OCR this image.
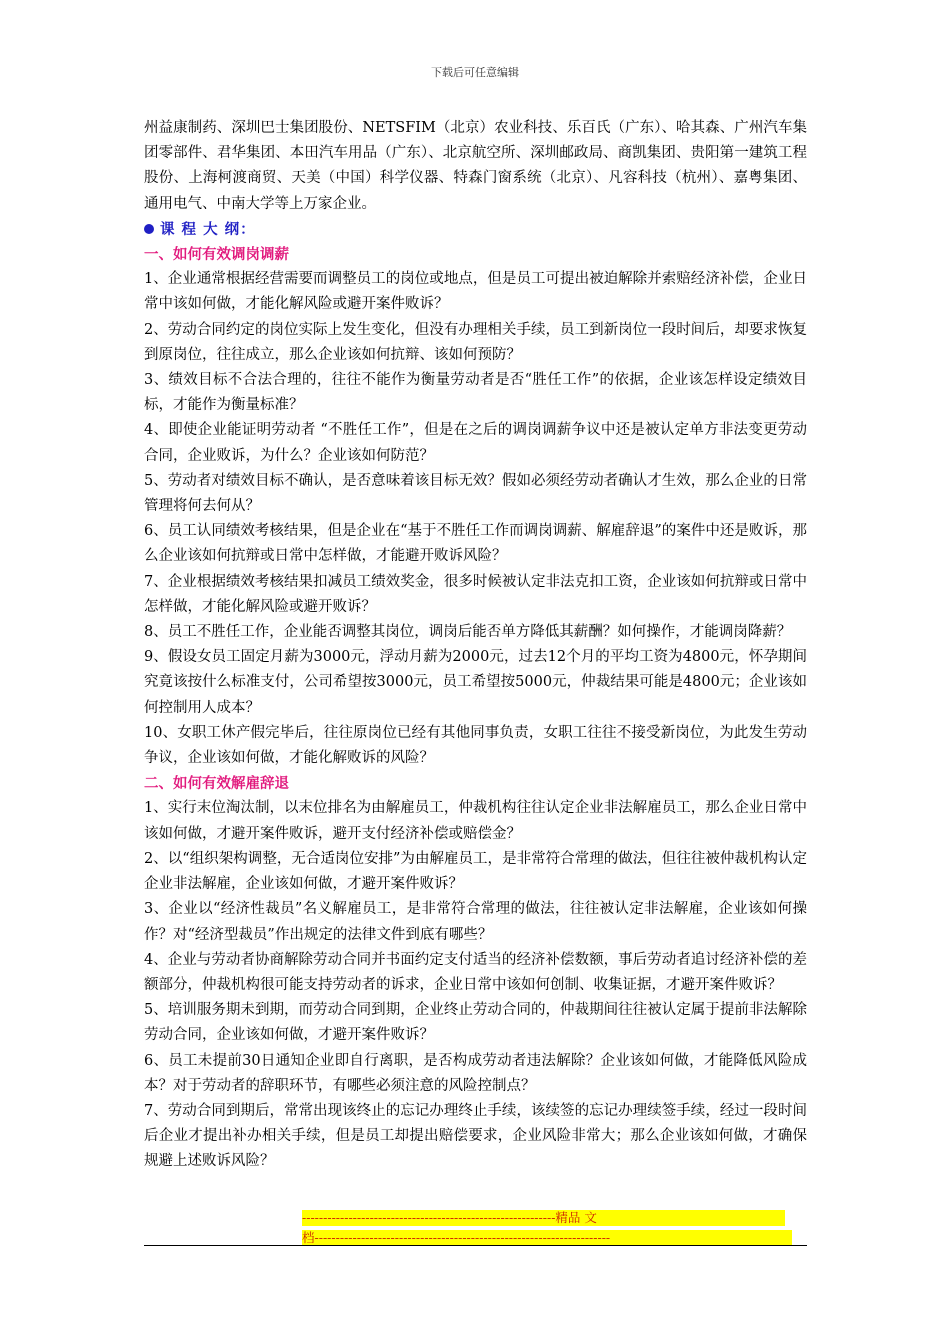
下载后可任意编辑

州益康制药、深圳巴士集团股份、NETSFIM（北京）农业科技、乐百氏（广东）、哈其森、广州汽车集团零部件、君华集团、本田汽车用品（广东）、北京航空所、深圳邮政局、商凯集团、贵阳第一建筑工程股份、上海柯渡商贸、天美（中国）科学仪器、特森门窗系统（北京）、凡容科技（杭州）、嘉粤集团、通用电气、中南大学等上万家企业。

课 程 大 纲：

一、如何有效调岗调薪

1、企业通常根据经营需要而调整员工的岗位或地点，但是员工可提出被迫解除并索赔经济补偿，企业日常中该如何做，才能化解风险或避开案件败诉？

2、劳动合同约定的岗位实际上发生变化，但没有办理相关手续，员工到新岗位一段时间后，却要求恢复到原岗位，往往成立，那么企业该如何抗辩、该如何预防？

3、绩效目标不合法合理的，往往不能作为衡量劳动者是否“胜任工作”的依据，企业该怎样设定绩效目标，才能作为衡量标准？

4、即使企业能证明劳动者 “不胜任工作”，但是在之后的调岗调薪争议中还是被认定单方非法变更劳动合同，企业败诉，为什么？企业该如何防范？

5、劳动者对绩效目标不确认，是否意味着该目标无效？假如必须经劳动者确认才生效，那么企业的日常管理将何去何从？

6、员工认同绩效考核结果，但是企业在“基于不胜任工作而调岗调薪、解雇辞退”的案件中还是败诉，那么企业该如何抗辩或日常中怎样做，才能避开败诉风险？

7、企业根据绩效考核结果扣减员工绩效奖金，很多时候被认定非法克扣工资，企业该如何抗辩或日常中怎样做，才能化解风险或避开败诉？

8、员工不胜任工作，企业能否调整其岗位，调岗后能否单方降低其薪酬？如何操作，才能调岗降薪？

9、假设女员工固定月薪为3000元，浮动月薪为2000元，过去12个月的平均工资为4800元，怀孕期间究竟该按什么标准支付，公司希望按3000元，员工希望按5000元，仲裁结果可能是4800元；企业该如何控制用人成本？

10、女职工休产假完毕后，往往原岗位已经有其他同事负责，女职工往往不接受新岗位，为此发生劳动争议，企业该如何做，才能化解败诉的风险？

二、如何有效解雇辞退

1、实行末位淘汰制，以末位排名为由解雇员工，仲裁机构往往认定企业非法解雇员工，那么企业日常中该如何做，才避开案件败诉，避开支付经济补偿或赔偿金？

2、以“组织架构调整，无合适岗位安排”为由解雇员工，是非常符合常理的做法，但往往被仲裁机构认定企业非法解雇，企业该如何做，才避开案件败诉？

3、企业以“经济性裁员”名义解雇员工，是非常符合常理的做法，往往被认定非法解雇，企业该如何操作？对“经济型裁员”作出规定的法律文件到底有哪些？

4、企业与劳动者协商解除劳动合同并书面约定支付适当的经济补偿数额，事后劳动者追讨经济补偿的差额部分，仲裁机构很可能支持劳动者的诉求，企业日常中该如何创制、收集证据，才避开案件败诉？

5、培训服务期未到期，而劳动合同到期，企业终止劳动合同的，仲裁期间往往被认定属于提前非法解除劳动合同，企业该如何做，才避开案件败诉？

6、员工未提前30日通知企业即自行离职，是否构成劳动者违法解除？企业该如何做，才能降低风险成本？对于劳动者的辞职环节，有哪些必须注意的风险控制点？

7、劳动合同到期后，常常出现该终止的忘记办理终止手续，该续签的忘记办理续签手续，经过一段时间后企业才提出补办相关手续，但是员工却提出赔偿要求，企业风险非常大；那么企业该如何做，才确保规避上述败诉风险？

------------------------------------------------------------精品 文
档----------------------------------------------------------------------
